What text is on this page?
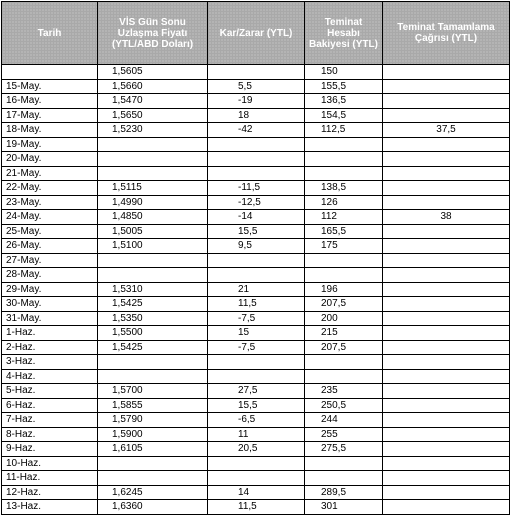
Tarih	VİS Gün Sonu Uzlaşma Fiyatı (YTL/ABD Doları)	Kar/Zarar (YTL)	Teminat Hesabı Bakiyesi (YTL)	Teminat Tamamlama Çağrısı (YTL)
	1,5605		150	
15-May.	1,5660	5,5	155,5	
16-May.	1,5470	-19	136,5	
17-May.	1,5650	18	154,5	
18-May.	1,5230	-42	112,5	37,5
19-May.				
20-May.				
21-May.				
22-May.	1,5115	-11,5	138,5	
23-May.	1,4990	-12,5	126	
24-May.	1,4850	-14	112	38
25-May.	1,5005	15,5	165,5	
26-May.	1,5100	9,5	175	
27-May.				
28-May.				
29-May.	1,5310	21	196	
30-May.	1,5425	11,5	207,5	
31-May.	1,5350	-7,5	200	
1-Haz.	1,5500	15	215	
2-Haz.	1,5425	-7,5	207,5	
3-Haz.				
4-Haz.				
5-Haz.	1,5700	27,5	235	
6-Haz.	1,5855	15,5	250,5	
7-Haz.	1,5790	-6,5	244	
8-Haz.	1,5900	11	255	
9-Haz.	1,6105	20,5	275,5	
10-Haz.				
11-Haz.				
12-Haz.	1,6245	14	289,5	
13-Haz.	1,6360	11,5	301	
